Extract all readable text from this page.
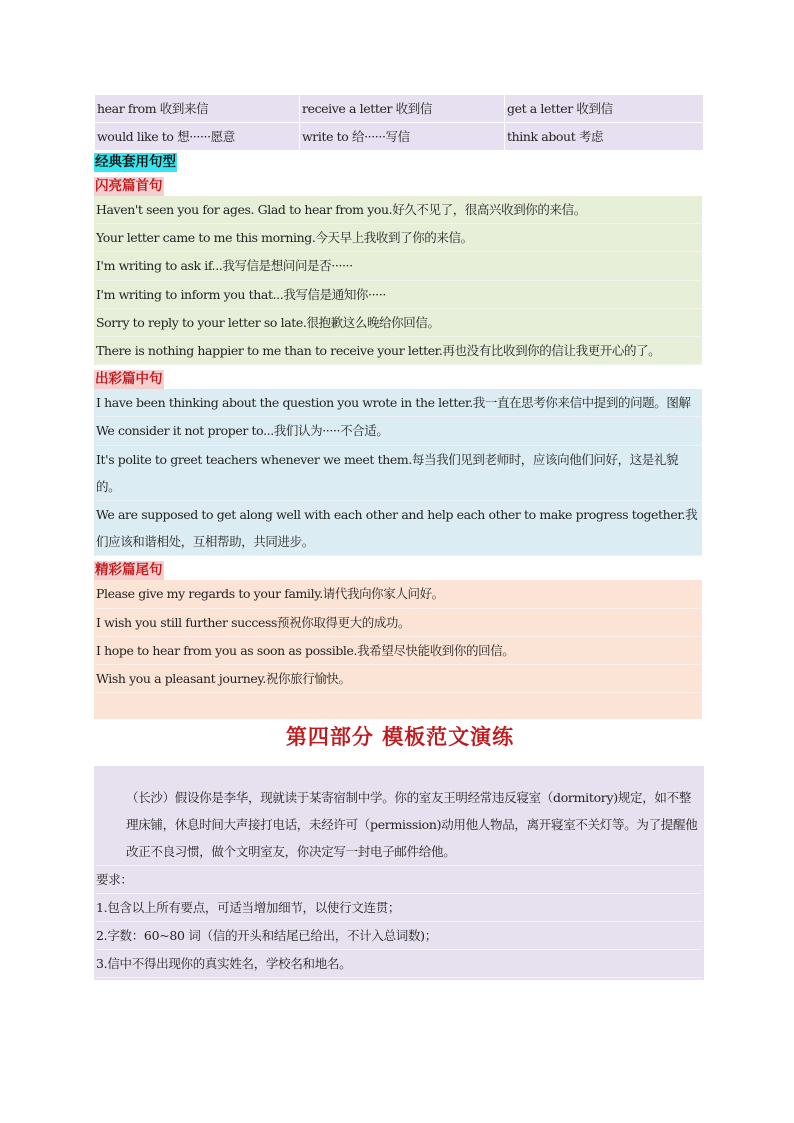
hear from 收到来信	receive a letter 收到信	get a letter 收到信
would like to 想······愿意	write to 给······写信	think about 考虑
经典套用句型
闪亮篇首句
Haven't seen you for ages. Glad to hear from you.好久不见了，很高兴收到你的来信。
Your letter came to me this morning.今天早上我收到了你的来信。
I'm writing to ask if...我写信是想问问是否······
I'm writing to inform you that...我写信是通知你·····
Sorry to reply to your letter so late.很抱歉这么晚给你回信。
There is nothing happier to me than to receive your letter.再也没有比收到你的信让我更开心的了。
出彩篇中句
I have been thinking about the question you wrote in the letter.我一直在思考你来信中提到的问题。图解
We consider it not proper to...我们认为·····不合适。
It's polite to greet teachers whenever we meet them.每当我们见到老师时，应该向他们问好，这是礼貌的。
We are supposed to get along well with each other and help each other to make progress together.我们应该和谐相处，互相帮助，共同进步。
精彩篇尾句
Please give my regards to your family.请代我向你家人问好。
I wish you still further success预祝你取得更大的成功。
I hope to hear from you as soon as possible.我希望尽快能收到你的回信。
Wish you a pleasant journey.祝你旅行愉快。
第四部分 模板范文演练
（长沙）假设你是李华，现就读于某寄宿制中学。你的室友王明经常违反寝室（dormitory)规定，如不整理床铺，休息时间大声接打电话，未经许可（permission)动用他人物品，离开寝室不关灯等。为了提醒他改正不良习惯，做个文明室友，你决定写一封电子邮件给他。
要求：
1.包含以上所有要点，可适当增加细节，以使行文连贯；
2.字数：60~80 词（信的开头和结尾已给出，不计入总词数)；
3.信中不得出现你的真实姓名，学校名和地名。
